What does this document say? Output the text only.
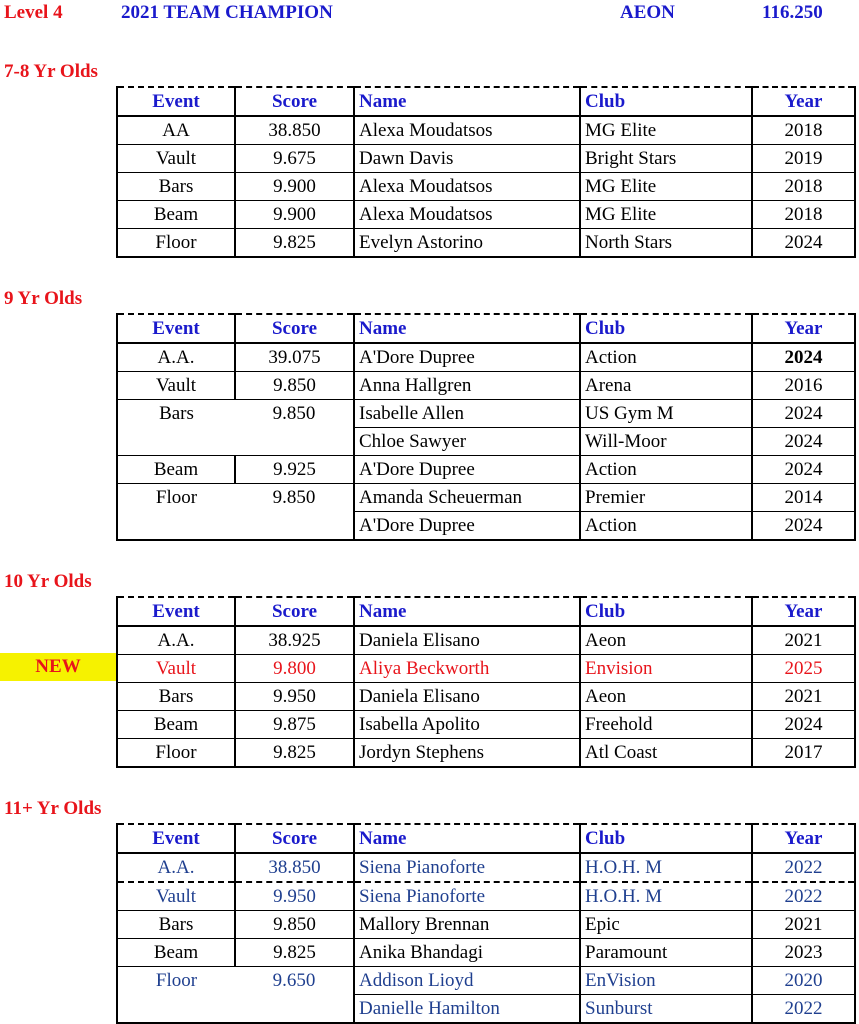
Level 4	2021 TEAM CHAMPION	AEON	116.250
7-8 Yr Olds
Event	Score	Name	Club	Year
AA	38.850	Alexa Moudatsos	MG Elite	2018
Vault	9.675	Dawn Davis	Bright Stars	2019
Bars	9.900	Alexa Moudatsos	MG Elite	2018
Beam	9.900	Alexa Moudatsos	MG Elite	2018
Floor	9.825	Evelyn Astorino	North Stars	2024
9 Yr Olds
Event	Score	Name	Club	Year
A.A.	39.075	A'Dore Dupree	Action	2024
Vault	9.850	Anna Hallgren	Arena	2016
Bars	9.850	Isabelle Allen	US Gym M	2024
		Chloe Sawyer	Will-Moor	2024
Beam	9.925	A'Dore Dupree	Action	2024
Floor	9.850	Amanda Scheuerman	Premier	2014
		A'Dore Dupree	Action	2024
10 Yr Olds
NEW
Event	Score	Name	Club	Year
A.A.	38.925	Daniela Elisano	Aeon	2021
Vault	9.800	Aliya Beckworth	Envision	2025
Bars	9.950	Daniela Elisano	Aeon	2021
Beam	9.875	Isabella Apolito	Freehold	2024
Floor	9.825	Jordyn Stephens	Atl Coast	2017
11+ Yr Olds
Event	Score	Name	Club	Year
A.A.	38.850	Siena Pianoforte	H.O.H. M	2022
Vault	9.950	Siena Pianoforte	H.O.H. M	2022
Bars	9.850	Mallory Brennan	Epic	2021
Beam	9.825	Anika Bhandagi	Paramount	2023
Floor	9.650	Addison Lioyd	EnVision	2020
		Danielle Hamilton	Sunburst	2022
